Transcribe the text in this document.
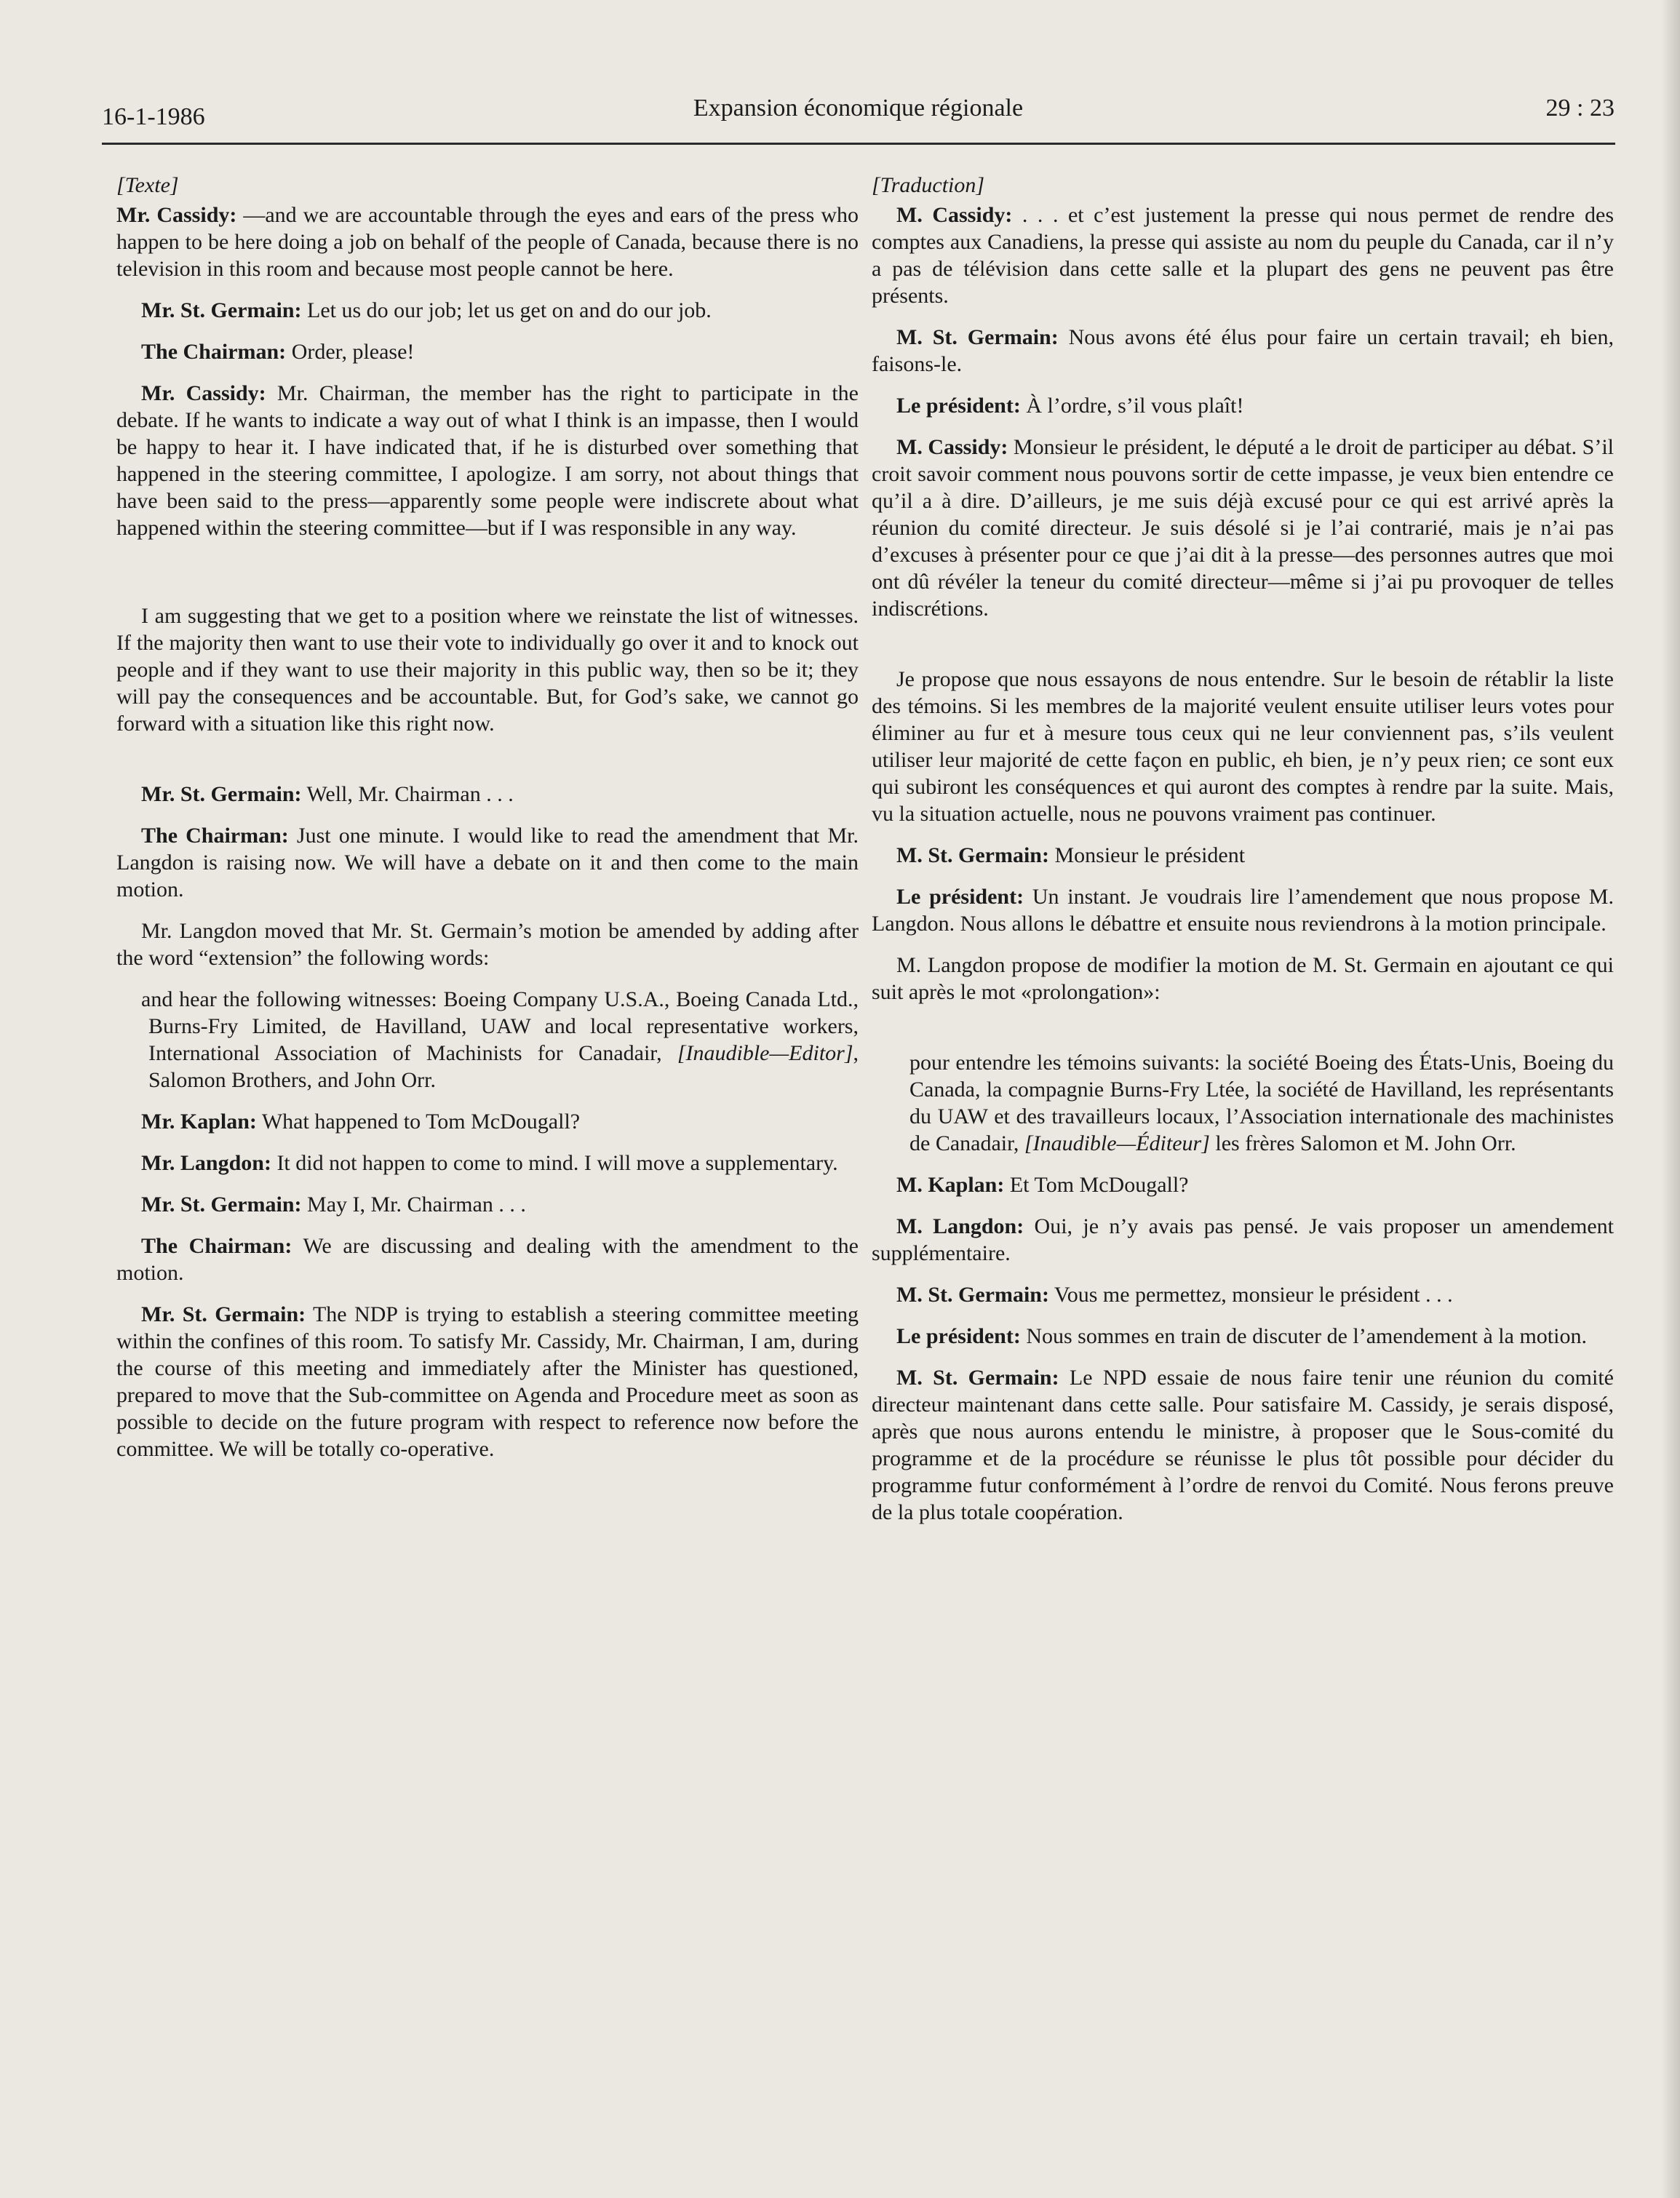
16-1-1986	Expansion économique régionale	29 : 23
[Texte]

Mr. Cassidy: —and we are accountable through the eyes and ears of the press who happen to be here doing a job on behalf of the people of Canada, because there is no television in this room and because most people cannot be here.

Mr. St. Germain: Let us do our job; let us get on and do our job.

The Chairman: Order, please!

Mr. Cassidy: Mr. Chairman, the member has the right to participate in the debate. If he wants to indicate a way out of what I think is an impasse, then I would be happy to hear it. I have indicated that, if he is disturbed over something that happened in the steering committee, I apologize. I am sorry, not about things that have been said to the press—apparently some people were indiscrete about what happened within the steering committee—but if I was responsible in any way.

I am suggesting that we get to a position where we reinstate the list of witnesses. If the majority then want to use their vote to individually go over it and to knock out people and if they want to use their majority in this public way, then so be it; they will pay the consequences and be accountable. But, for God’s sake, we cannot go forward with a situation like this right now.

Mr. St. Germain: Well, Mr. Chairman . . .

The Chairman: Just one minute. I would like to read the amendment that Mr. Langdon is raising now. We will have a debate on it and then come to the main motion.

Mr. Langdon moved that Mr. St. Germain’s motion be amended by adding after the word “extension” the following words:

and hear the following witnesses: Boeing Company U.S.A., Boeing Canada Ltd., Burns-Fry Limited, de Havilland, UAW and local representative workers, International Association of Machinists for Canadair, [Inaudible—Editor], Salomon Brothers, and John Orr.

Mr. Kaplan: What happened to Tom McDougall?

Mr. Langdon: It did not happen to come to mind. I will move a supplementary.

Mr. St. Germain: May I, Mr. Chairman . . .

The Chairman: We are discussing and dealing with the amendment to the motion.

Mr. St. Germain: The NDP is trying to establish a steering committee meeting within the confines of this room. To satisfy Mr. Cassidy, Mr. Chairman, I am, during the course of this meeting and immediately after the Minister has questioned, prepared to move that the Sub-committee on Agenda and Procedure meet as soon as possible to decide on the future program with respect to reference now before the committee. We will be totally co-operative.

[Traduction]

M. Cassidy: . . . et c’est justement la presse qui nous permet de rendre des comptes aux Canadiens, la presse qui assiste au nom du peuple du Canada, car il n’y a pas de télévision dans cette salle et la plupart des gens ne peuvent pas être présents.

M. St. Germain: Nous avons été élus pour faire un certain travail; eh bien, faisons-le.

Le président: À l’ordre, s’il vous plaît!

M. Cassidy: Monsieur le président, le député a le droit de participer au débat. S’il croit savoir comment nous pouvons sortir de cette impasse, je veux bien entendre ce qu’il a à dire. D’ailleurs, je me suis déjà excusé pour ce qui est arrivé après la réunion du comité directeur. Je suis désolé si je l’ai contrarié, mais je n’ai pas d’excuses à présenter pour ce que j’ai dit à la presse—des personnes autres que moi ont dû révéler la teneur du comité directeur—même si j’ai pu provoquer de telles indiscrétions.

Je propose que nous essayons de nous entendre. Sur le besoin de rétablir la liste des témoins. Si les membres de la majorité veulent ensuite utiliser leurs votes pour éliminer au fur et à mesure tous ceux qui ne leur conviennent pas, s’ils veulent utiliser leur majorité de cette façon en public, eh bien, je n’y peux rien; ce sont eux qui subiront les conséquences et qui auront des comptes à rendre par la suite. Mais, vu la situation actuelle, nous ne pouvons vraiment pas continuer.

M. St. Germain: Monsieur le président

Le président: Un instant. Je voudrais lire l’amendement que nous propose M. Langdon. Nous allons le débattre et ensuite nous reviendrons à la motion principale.

M. Langdon propose de modifier la motion de M. St. Germain en ajoutant ce qui suit après le mot «prolongation»:

pour entendre les témoins suivants: la société Boeing des États-Unis, Boeing du Canada, la compagnie Burns-Fry Ltée, la société de Havilland, les représentants du UAW et des travailleurs locaux, l’Association internationale des machinistes de Canadair, [Inaudible—Éditeur] les frères Salomon et M. John Orr.

M. Kaplan: Et Tom McDougall?

M. Langdon: Oui, je n’y avais pas pensé. Je vais proposer un amendement supplémentaire.

M. St. Germain: Vous me permettez, monsieur le président . . .

Le président: Nous sommes en train de discuter de l’amendement à la motion.

M. St. Germain: Le NPD essaie de nous faire tenir une réunion du comité directeur maintenant dans cette salle. Pour satisfaire M. Cassidy, je serais disposé, après que nous aurons entendu le ministre, à proposer que le Sous-comité du programme et de la procédure se réunisse le plus tôt possible pour décider du programme futur conformément à l’ordre de renvoi du Comité. Nous ferons preuve de la plus totale coopération.
